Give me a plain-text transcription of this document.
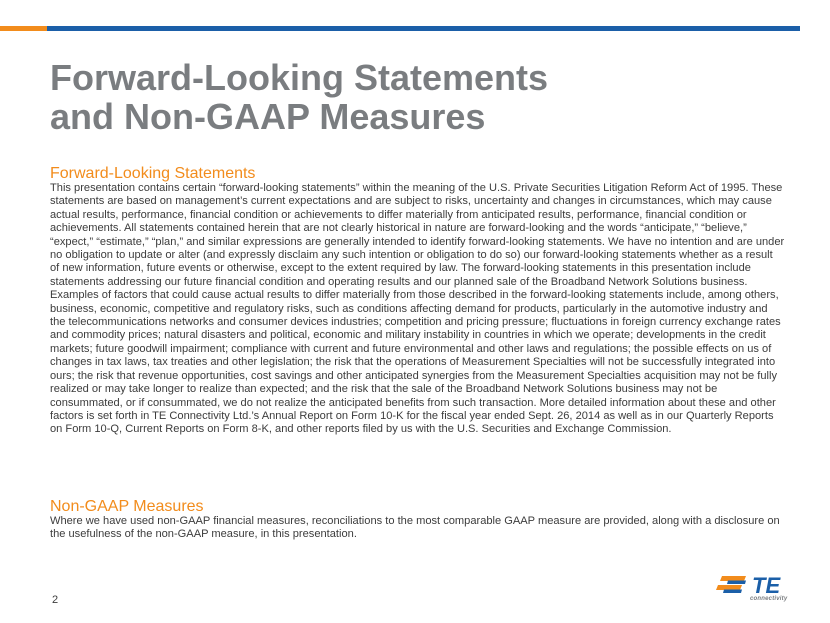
Forward-Looking Statements
and Non-GAAP Measures
Forward-Looking Statements
This presentation contains certain “forward-looking statements” within the meaning of the U.S. Private Securities Litigation Reform Act of 1995. These statements are based on management’s current expectations and are subject to risks, uncertainty and changes in circumstances, which may cause actual results, performance, financial condition or achievements to differ materially from anticipated results, performance, financial condition or achievements. All statements contained herein that are not clearly historical in nature are forward-looking and the words “anticipate,” “believe,” “expect,” “estimate,” “plan,” and similar expressions are generally intended to identify forward-looking statements. We have no intention and are under no obligation to update or alter (and expressly disclaim any such intention or obligation to do so) our forward-looking statements whether as a result of new information, future events or otherwise, except to the extent required by law. The forward-looking statements in this presentation include statements addressing our future financial condition and operating results and our planned sale of the Broadband Network Solutions business. Examples of factors that could cause actual results to differ materially from those described in the forward-looking statements include, among others, business, economic, competitive and regulatory risks, such as conditions affecting demand for products, particularly in the automotive industry and the telecommunications networks and consumer devices industries; competition and pricing pressure; fluctuations in foreign currency exchange rates and commodity prices; natural disasters and political, economic and military instability in countries in which we operate; developments in the credit markets; future goodwill impairment; compliance with current and future environmental and other laws and regulations; the possible effects on us of changes in tax laws, tax treaties and other legislation; the risk that the operations of Measurement Specialties will not be successfully integrated into ours; the risk that revenue opportunities, cost savings and other anticipated synergies from the Measurement Specialties acquisition may not be fully realized or may take longer to realize than expected; and the risk that the sale of the Broadband Network Solutions business may not be consummated, or if consummated, we do not realize the anticipated benefits from such transaction. More detailed information about these and other factors is set forth in TE Connectivity Ltd.’s Annual Report on Form 10-K for the fiscal year ended Sept. 26, 2014 as well as in our Quarterly Reports on Form 10-Q, Current Reports on Form 8-K, and other reports filed by us with the U.S. Securities and Exchange Commission.
Non-GAAP Measures
Where we have used non-GAAP financial measures, reconciliations to the most comparable GAAP measure are provided, along with a disclosure on the usefulness of the non-GAAP measure, in this presentation.
2
TE
connectivity
